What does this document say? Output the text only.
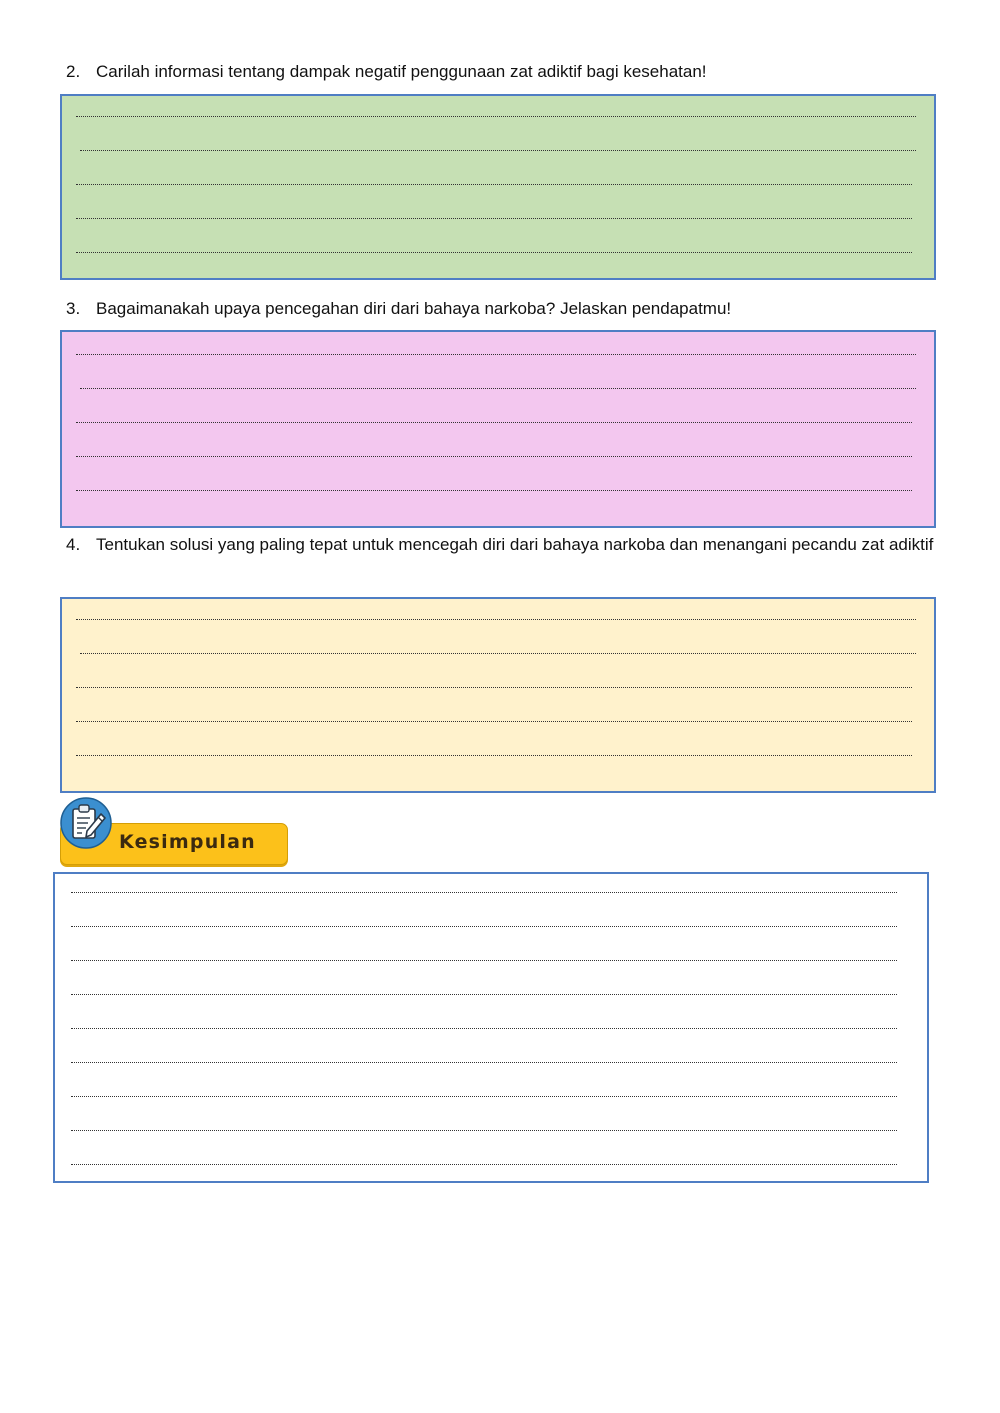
2. Carilah informasi tentang dampak negatif penggunaan zat adiktif bagi kesehatan!
3. Bagaimanakah upaya pencegahan diri dari bahaya narkoba? Jelaskan pendapatmu!
4. Tentukan solusi yang paling tepat untuk mencegah diri dari bahaya narkoba dan menangani pecandu zat adiktif
Kesimpulan
